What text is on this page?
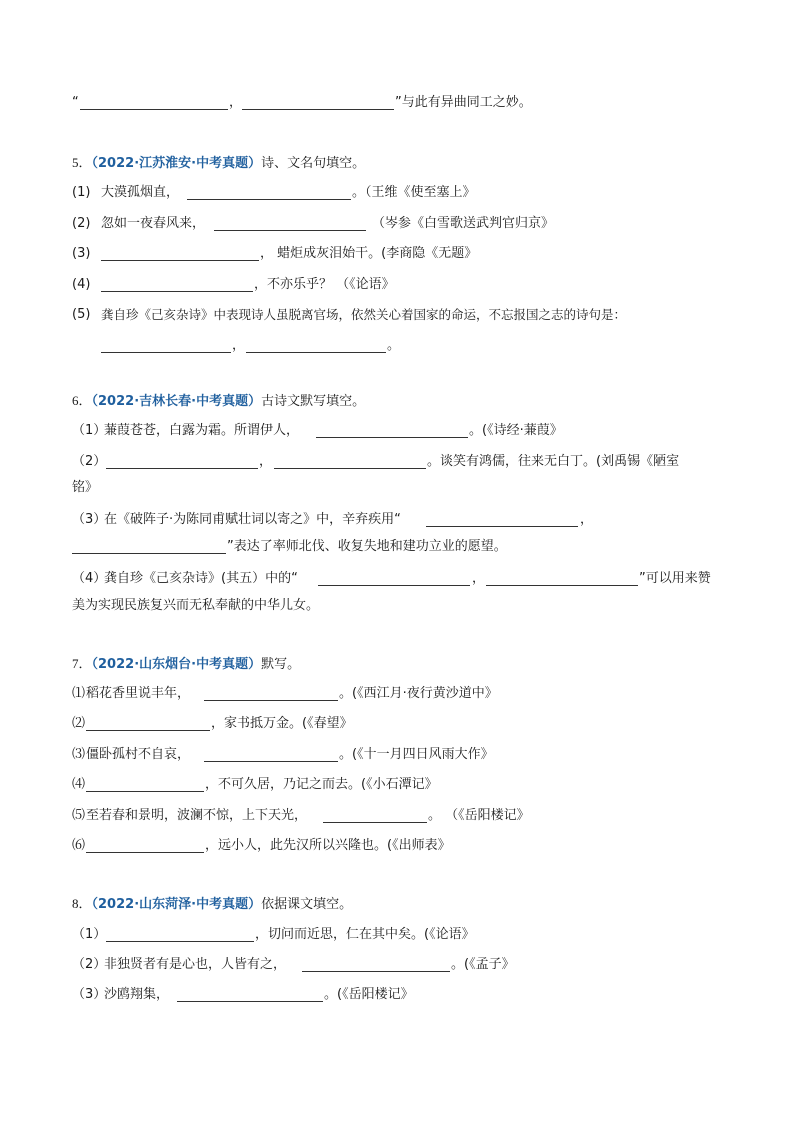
“	，	”与此有异曲同工之妙。
5．（2022·江苏淮安·中考真题）诗、文名句填空。
(1) 大漠孤烟直，	。（王维《使至塞上》
(2) 忽如一夜春风来，	（岑参《白雪歌送武判官归京》
(3)	， 蜡炬成灰泪始干。(李商隐《无题》
(4)	，不亦乐乎？ （《论语》
(5) 龚自珍《己亥杂诗》中表现诗人虽脱离官场，依然关心着国家的命运，不忘报国之志的诗句是：
，	。
6．（2022·吉林长春·中考真题）古诗文默写填空。
（1）
蒹葭苍苍，白露为霜。所谓伊人，	。(《诗经·蒹葭》
（2）	，	。谈笑有鸿儒，往来无白丁。(刘禹锡《陋室
铭》
（3）
在《破阵子·为陈同甫赋壮词以寄之》中，辛弃疾用“	，
”表达了率师北伐、收复失地和建功立业的愿望。
（4）
龚自珍《己亥杂诗》(其五）中的“	，	”可以用来赞
美为实现民族复兴而无私奉献的中华儿女。
7．（2022·山东烟台·中考真题）默写。
⑴ 稻花香里说丰年，	。(《西江月·夜行黄沙道中》
⑵	，家书抵万金。(《春望》
⑶ 僵卧孤村不自哀，	。(《十一月四日风雨大作》
⑷	，不可久居，乃记之而去。(《小石潭记》
⑸ 至若春和景明，波澜不惊，上下天光，	。 （《岳阳楼记》
⑹	，远小人，此先汉所以兴隆也。(《出师表》
8．（2022·山东菏泽·中考真题）依据课文填空。
（1）	，切问而近思，仁在其中矣。(《论语》
（2）
非独贤者有是心也，人皆有之，	。(《孟子》
（3）
沙鸥翔集，	。(《岳阳楼记》
